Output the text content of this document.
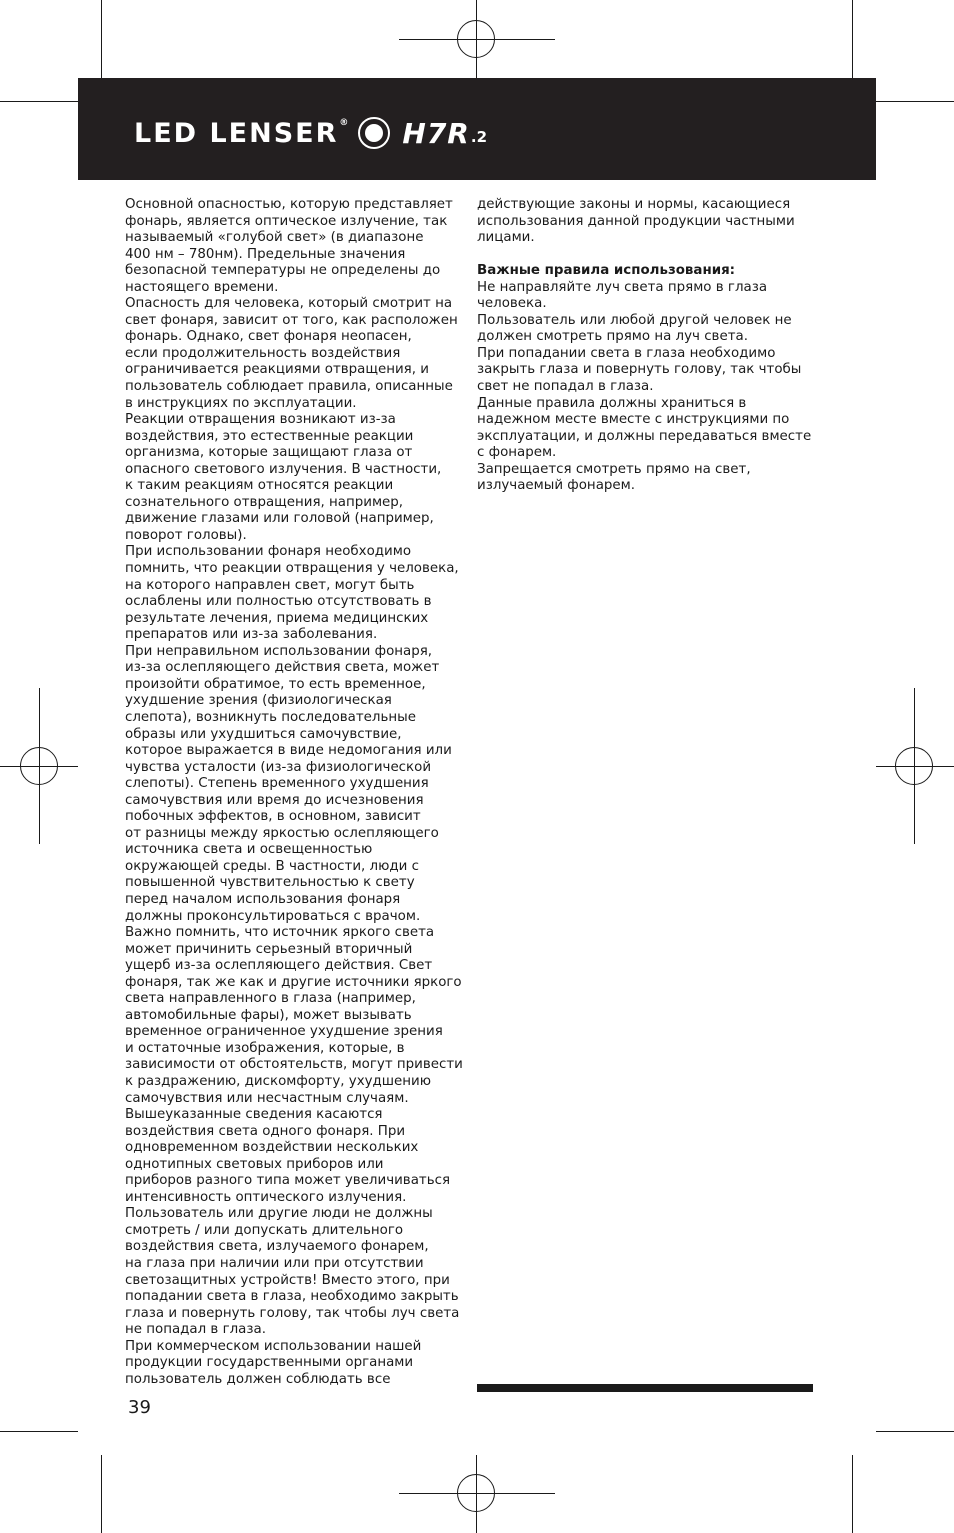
LED LENSER ® H7R .2

Основной опасностью, которую представляет
фонарь, является оптическое излучение, так
называемый «голубой свет» (в диапазоне
400 нм – 780нм). Предельные значения
безопасной температуры не определены до
настоящего времени.
Опасность для человека, который смотрит на
свет фонаря, зависит от того, как расположен
фонарь. Однако, свет фонаря неопасен,
если продолжительность воздействия
ограничивается реакциями отвращения, и
пользователь соблюдает правила, описанные
в инструкциях по эксплуатации.
Реакции отвращения возникают из-за
воздействия, это естественные реакции
организма, которые защищают глаза от
опасного светового излучения. В частности,
к таким реакциям относятся реакции
сознательного отвращения, например,
движение глазами или головой (например,
поворот головы).
При использовании фонаря необходимо
помнить, что реакции отвращения у человека,
на которого направлен свет, могут быть
ослаблены или полностью отсутствовать в
результате лечения, приема медицинских
препаратов или из-за заболевания.
При неправильном использовании фонаря,
из-за ослепляющего действия света, может
произойти обратимое, то есть временное,
ухудшение зрения (физиологическая
слепота), возникнуть последовательные
образы или ухудшиться самочувствие,
которое выражается в виде недомогания или
чувства усталости (из-за физиологической
слепоты). Степень временного ухудшения
самочувствия или время до исчезновения
побочных эффектов, в основном, зависит
от разницы между яркостью ослепляющего
источника света и освещенностью
окружающей среды. В частности, люди с
повышенной чувствительностью к свету
перед началом использования фонаря
должны проконсультироваться с врачом.
Важно помнить, что источник яркого света
может причинить серьезный вторичный
ущерб из-за ослепляющего действия. Свет
фонаря, так же как и другие источники яркого
света направленного в глаза (например,
автомобильные фары), может вызывать
временное ограниченное ухудшение зрения
и остаточные изображения, которые, в
зависимости от обстоятельств, могут привести
к раздражению, дискомфорту, ухудшению
самочувствия или несчастным случаям.
Вышеуказанные сведения касаются
воздействия света одного фонаря. При
одновременном воздействии нескольких
однотипных световых приборов или
приборов разного типа может увеличиваться
интенсивность оптического излучения.
Пользователь или другие люди не должны
смотреть / или допускать длительного
воздействия света, излучаемого фонарем,
на глаза при наличии или при отсутствии
светозащитных устройств! Вместо этого, при
попадании света в глаза, необходимо закрыть
глаза и повернуть голову, так чтобы луч света
не попадал в глаза.
При коммерческом использовании нашей
продукции государственными органами
пользователь должен соблюдать все

действующие законы и нормы, касающиеся
использования данной продукции частными
лицами.

Важные правила использования:

Не направляйте луч света прямо в глаза
человека.
Пользователь или любой другой человек не
должен смотреть прямо на луч света.
При попадании света в глаза необходимо
закрыть глаза и повернуть голову, так чтобы
свет не попадал в глаза.
Данные правила должны храниться в
надежном месте вместе с инструкциями по
эксплуатации, и должны передаваться вместе
с фонарем.
Запрещается смотреть прямо на свет,
излучаемый фонарем.

39
